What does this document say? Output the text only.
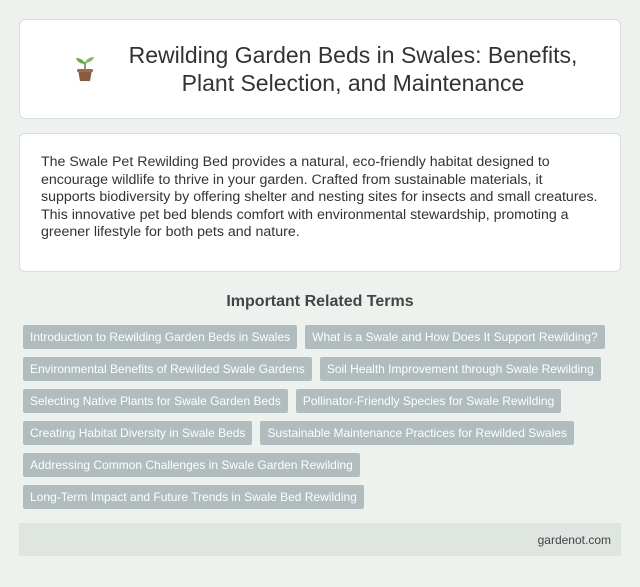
Rewilding Garden Beds in Swales: Benefits, Plant Selection, and Maintenance

The Swale Pet Rewilding Bed provides a natural, eco-friendly habitat designed to encourage wildlife to thrive in your garden. Crafted from sustainable materials, it supports biodiversity by offering shelter and nesting sites for insects and small creatures. This innovative pet bed blends comfort with environmental stewardship, promoting a greener lifestyle for both pets and nature.

Important Related Terms
Introduction to Rewilding Garden Beds in Swales	What is a Swale and How Does It Support Rewilding?
Environmental Benefits of Rewilded Swale Gardens	Soil Health Improvement through Swale Rewilding
Selecting Native Plants for Swale Garden Beds	Pollinator-Friendly Species for Swale Rewilding
Creating Habitat Diversity in Swale Beds	Sustainable Maintenance Practices for Rewilded Swales
Addressing Common Challenges in Swale Garden Rewilding
Long-Term Impact and Future Trends in Swale Bed Rewilding
gardenot.com
